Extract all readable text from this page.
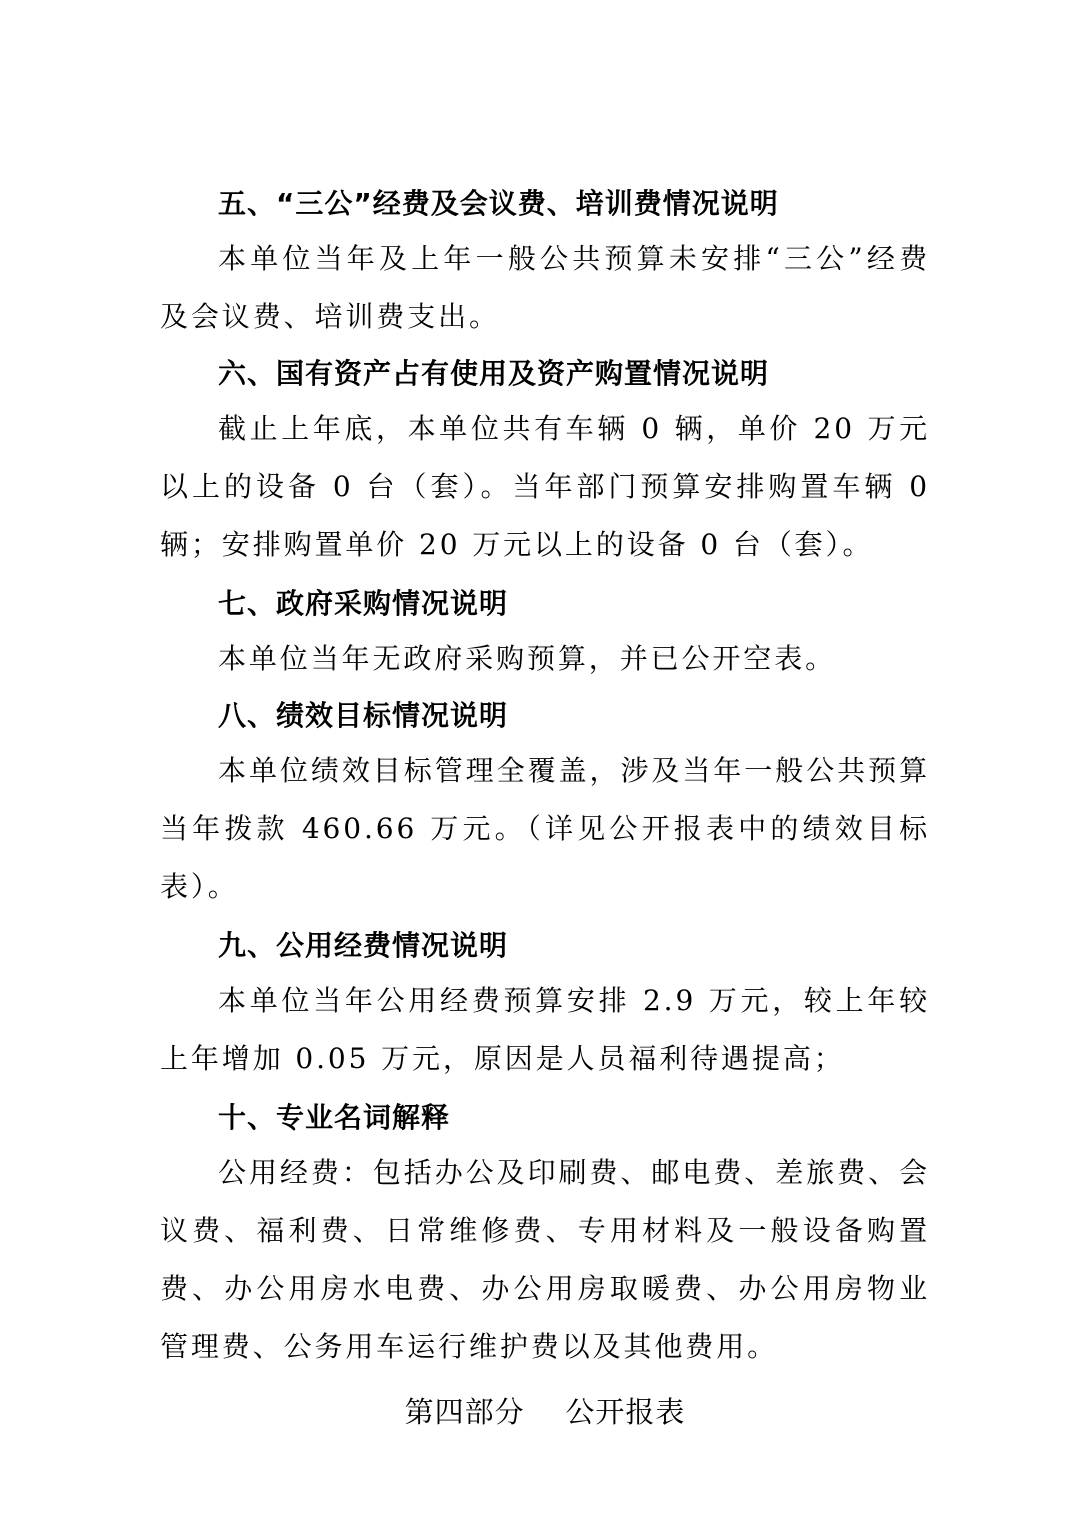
五、“三公”经费及会议费、培训费情况说明

本单位当年及上年一般公共预算未安排“三公”经费及会议费、培训费支出。

六、国有资产占有使用及资产购置情况说明

截止上年底，本单位共有车辆 0 辆，单价 20 万元以上的设备 0 台（套）。当年部门预算安排购置车辆 0 辆；安排购置单价 20 万元以上的设备 0 台（套）。

七、政府采购情况说明

本单位当年无政府采购预算，并已公开空表。

八、绩效目标情况说明

本单位绩效目标管理全覆盖，涉及当年一般公共预算当年拨款 460.66 万元。（详见公开报表中的绩效目标表）。

九、公用经费情况说明

本单位当年公用经费预算安排 2.9 万元，较上年较上年增加 0.05 万元，原因是人员福利待遇提高；

十、专业名词解释

公用经费：包括办公及印刷费、邮电费、差旅费、会议费、福利费、日常维修费、专用材料及一般设备购置费、办公用房水电费、办公用房取暖费、办公用房物业管理费、公务用车运行维护费以及其他费用。

第四部分    公开报表
